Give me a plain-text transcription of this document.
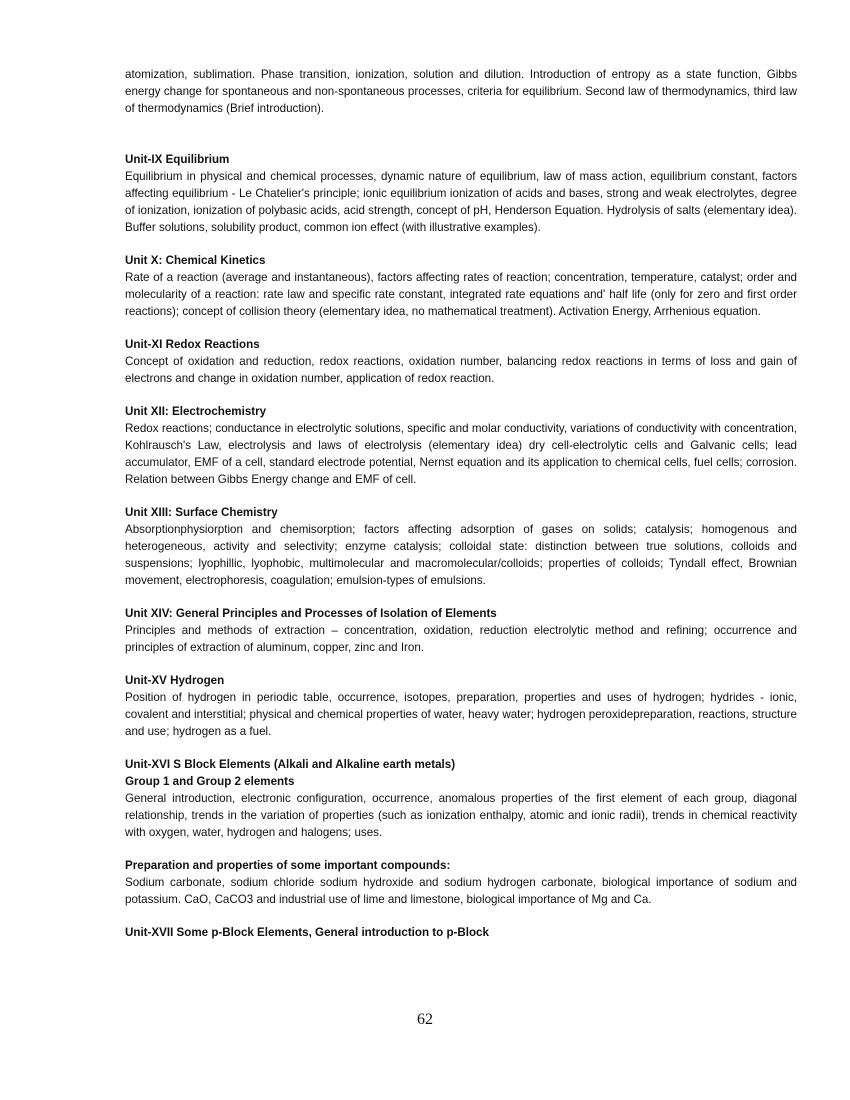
atomization, sublimation. Phase transition, ionization, solution and dilution. Introduction of entropy as a state function, Gibbs energy change for spontaneous and non-spontaneous processes, criteria for equilibrium. Second law of thermodynamics, third law of thermodynamics (Brief introduction).
Unit-IX Equilibrium
Equilibrium in physical and chemical processes, dynamic nature of equilibrium, law of mass action, equilibrium constant, factors affecting equilibrium - Le Chatelier's principle; ionic equilibrium ionization of acids and bases, strong and weak electrolytes, degree of ionization, ionization of polybasic acids, acid strength, concept of pH, Henderson Equation. Hydrolysis of salts (elementary idea). Buffer solutions, solubility product, common ion effect (with illustrative examples).
Unit X: Chemical Kinetics
Rate of a reaction (average and instantaneous), factors affecting rates of reaction; concentration, temperature, catalyst; order and molecularity of a reaction: rate law and specific rate constant, integrated rate equations and' half life (only for zero and first order reactions); concept of collision theory (elementary idea, no mathematical treatment). Activation Energy, Arrhenious equation.
Unit-XI Redox Reactions
Concept of oxidation and reduction, redox reactions, oxidation number, balancing redox reactions in terms of loss and gain of electrons and change in oxidation number, application of redox reaction.
Unit XII: Electrochemistry
Redox reactions; conductance in electrolytic solutions, specific and molar conductivity, variations of conductivity with concentration, Kohlrausch's Law, electrolysis and laws of electrolysis (elementary idea) dry cell-electrolytic cells and Galvanic cells; lead accumulator, EMF of a cell, standard electrode potential, Nernst equation and its application to chemical cells, fuel cells; corrosion. Relation between Gibbs Energy change and EMF of cell.
Unit XIII: Surface Chemistry
Absorptionphysiorption and chemisorption; factors affecting adsorption of gases on solids; catalysis; homogenous and heterogeneous, activity and selectivity; enzyme catalysis; colloidal state: distinction between true solutions, colloids and suspensions; lyophillic, lyophobic, multimolecular and macromolecular/colloids; properties of colloids; Tyndall effect, Brownian movement, electrophoresis, coagulation; emulsion-types of emulsions.
Unit XIV: General Principles and Processes of Isolation of Elements
Principles and methods of extraction – concentration, oxidation, reduction electrolytic method and refining; occurrence and principles of extraction of aluminum, copper, zinc and Iron.
Unit-XV Hydrogen
Position of hydrogen in periodic table, occurrence, isotopes, preparation, properties and uses of hydrogen; hydrides - ionic, covalent and interstitial; physical and chemical properties of water, heavy water; hydrogen peroxidepreparation, reactions, structure and use; hydrogen as a fuel.
Unit-XVI S Block Elements (Alkali and Alkaline earth metals)
Group 1 and Group 2 elements
General introduction, electronic configuration, occurrence, anomalous properties of the first element of each group, diagonal relationship, trends in the variation of properties (such as ionization enthalpy, atomic and ionic radii), trends in chemical reactivity with oxygen, water, hydrogen and halogens; uses.
Preparation and properties of some important compounds:
Sodium carbonate, sodium chloride sodium hydroxide and sodium hydrogen carbonate, biological importance of sodium and potassium. CaO, CaCO3 and industrial use of lime and limestone, biological importance of Mg and Ca.
Unit-XVII Some p-Block Elements, General introduction to p-Block
62
